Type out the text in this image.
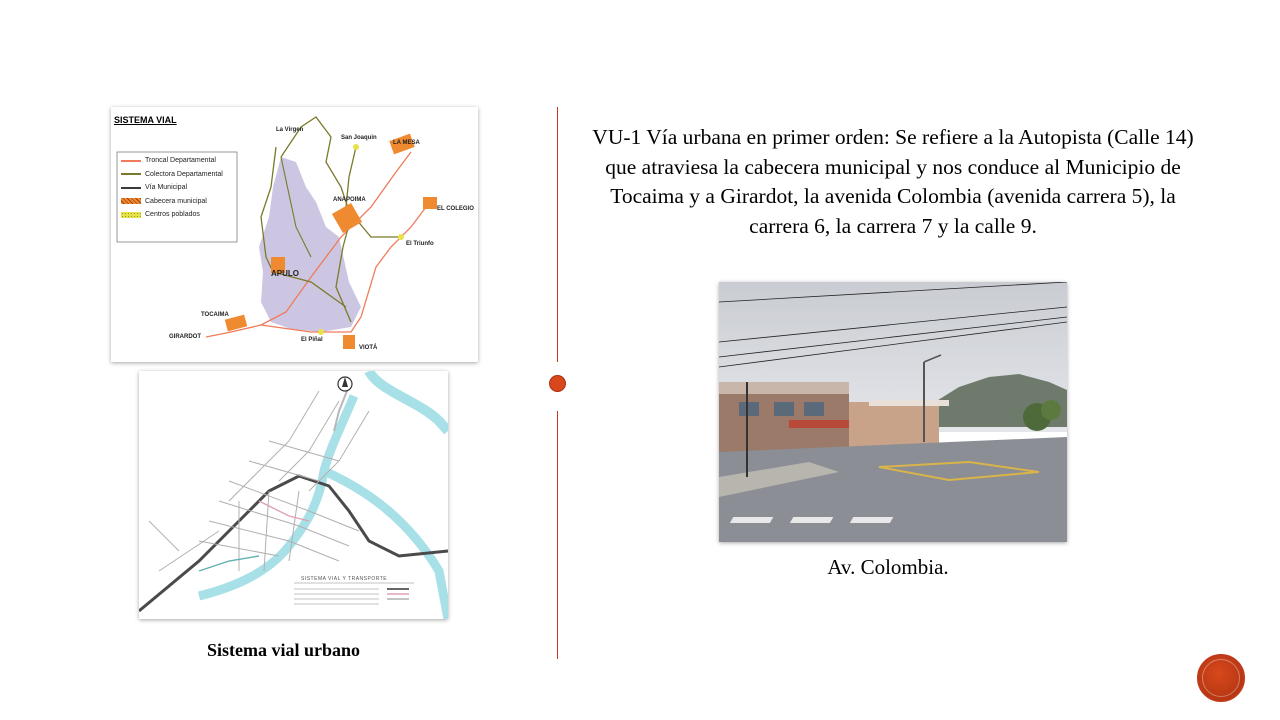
SISTEMA VIAL
Troncal Departamental
Colectora Departamental
Vía Municipal
Cabecera municipal
Centros poblados
La Virgen
San Joaquin
LA MESA
ANAPOIMA
EL COLEGIO
El Triunfo
APULO
TOCAIMA
GIRARDOT	El Piñal
VIOTÁ
SISTEMA VIAL Y TRANSPORTE
Sistema vial urbano
VU-1 Vía urbana en primer orden: Se refiere a la Autopista (Calle 14) que atraviesa la cabecera municipal y nos conduce al Municipio de Tocaima y a Girardot, la avenida Colombia (avenida carrera 5), la carrera 6, la carrera 7 y la calle 9.
Av. Colombia.
